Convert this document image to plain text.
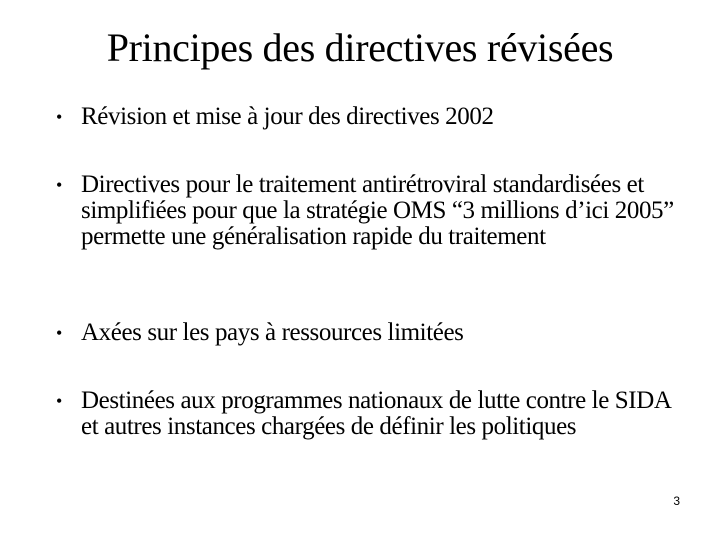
Principes des directives révisées
• Révision et mise à jour des directives 2002
• Directives pour le traitement antirétroviral standardisées et simplifiées pour que la stratégie OMS “3 millions d’ici 2005” permette une généralisation rapide du traitement
• Axées sur les pays à ressources limitées
• Destinées aux programmes nationaux de lutte contre le SIDA et autres instances chargées de définir les politiques
3
